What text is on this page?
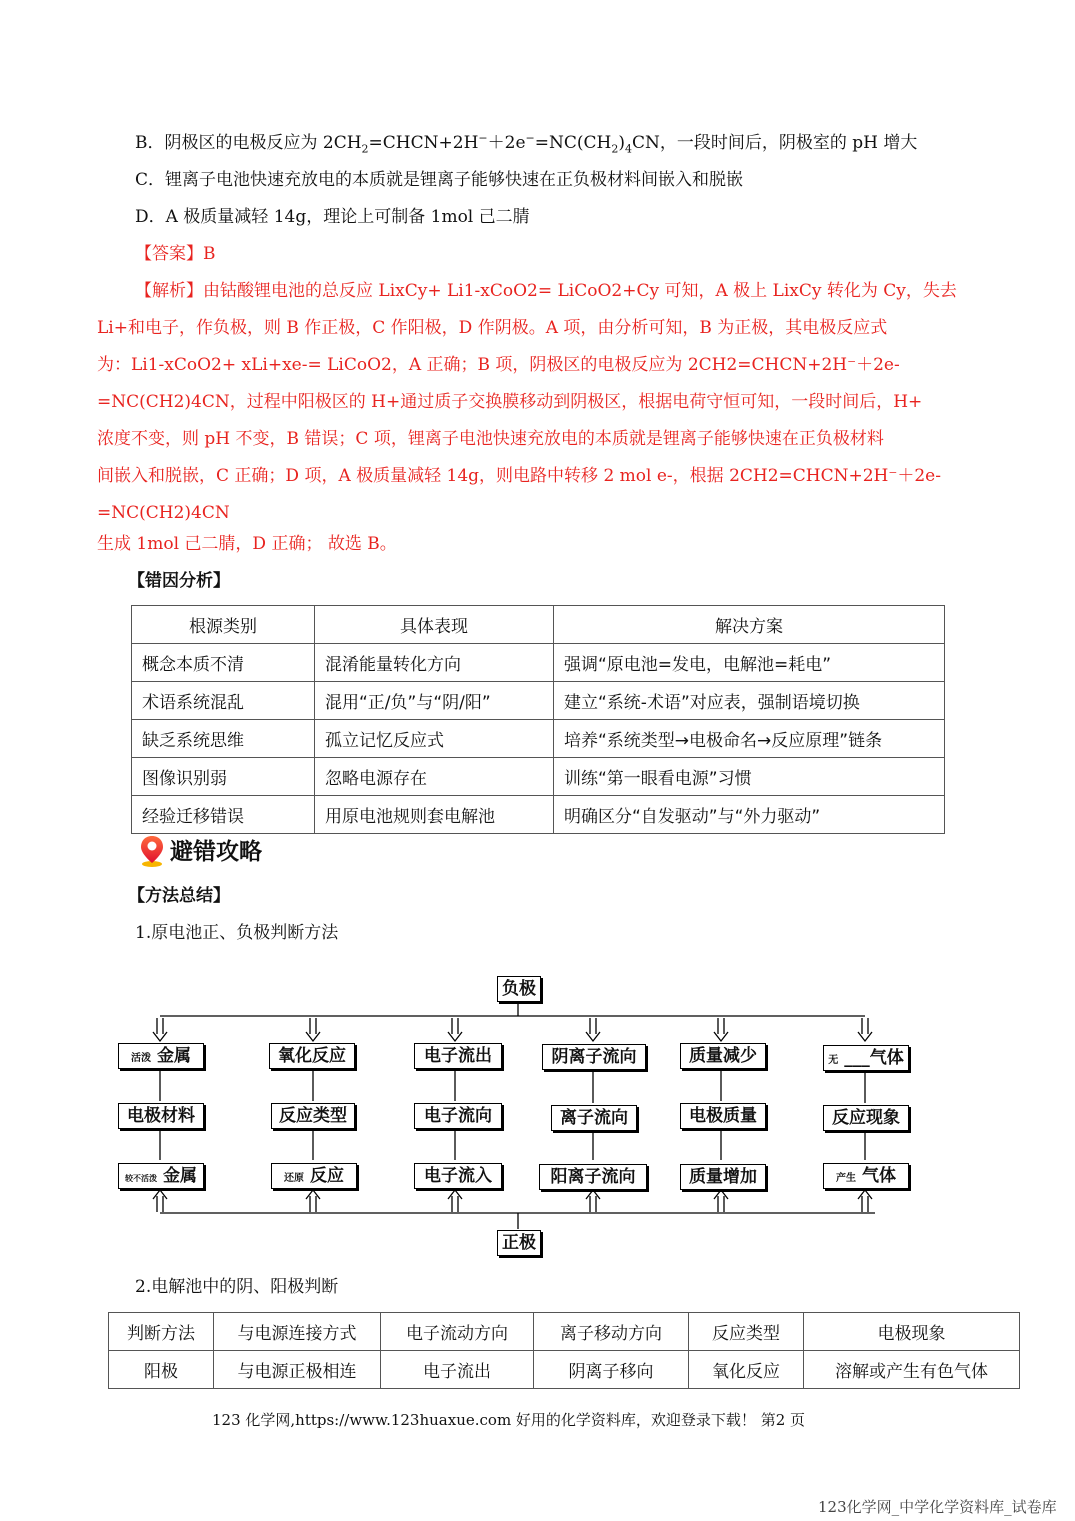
B．阴极区的电极反应为 $2CH_2=CHCN+2H^-+2e^-=NC(CH_2)_4CN$，一段时间后，阴极室的 pH 增大
C．锂离子电池快速充放电的本质就是锂离子能够快速在正负极材料间嵌入和脱嵌
D．A 极质量减轻 14g，理论上可制备 1mol 己二腈
【答案】B
【解析】由钴酸锂电池的总反应 LixCy+ Li1-xCoO2= LiCoO2+Cy 可知，A 极上 LixCy 转化为 Cy，失去
Li+和电子，作负极，则 B 作正极，C 作阳极，D 作阴极。A 项，由分析可知，B 为正极，其电极反应式
为：Li1-xCoO2+ xLi+xe-= LiCoO2，A 正确；B 项，阴极区的电极反应为 2CH2=CHCN+2H⁻＋2e-
=NC(CH2)4CN，过程中阳极区的 H+通过质子交换膜移动到阴极区，根据电荷守恒可知，一段时间后，H+
浓度不变，则 pH 不变，B 错误；C 项，锂离子电池快速充放电的本质就是锂离子能够快速在正负极材料
间嵌入和脱嵌，C 正确；D 项，A 极质量减轻 14g，则电路中转移 2 mol e-，根据 2CH2=CHCN+2H⁻＋2e-
=NC(CH2)4CN
生成 1mol 己二腈，D 正确； 故选 B。
【错因分析】
根源类别	具体表现	解决方案
概念本质不清	混淆能量转化方向	强调“原电池=发电，电解池=耗电”
术语系统混乱	混用“正/负”与“阴/阳”	建立“系统-术语”对应表，强制语境切换
缺乏系统思维	孤立记忆反应式	培养“系统类型→电极命名→反应原理”链条
图像识别弱	忽略电源存在	训练“第一眼看电源”习惯
经验迁移错误	用原电池规则套电解池	明确区分“自发驱动”与“外力驱动”
避错攻略
【方法总结】
1.原电池正、负极判断方法
负极
活泼 金属	氧化反应	电子流出	阴离子流向	质量减少	无 ___气体
电极材料	反应类型	电子流向	离子流向	电极质量	反应现象
较不活泼 金属	还原 反应	电子流入	阳离子流向	质量增加	产生 气体
正极
2.电解池中的阴、阳极判断
判断方法	与电源连接方式	电子流动方向	离子移动方向	反应类型	电极现象
阳极	与电源正极相连	电子流出	阴离子移向	氧化反应	溶解或产生有色气体
123 化学网,https://www.123huaxue.com 好用的化学资料库，欢迎登录下载！ 第2 页
123化学网_中学化学资料库_试卷库
